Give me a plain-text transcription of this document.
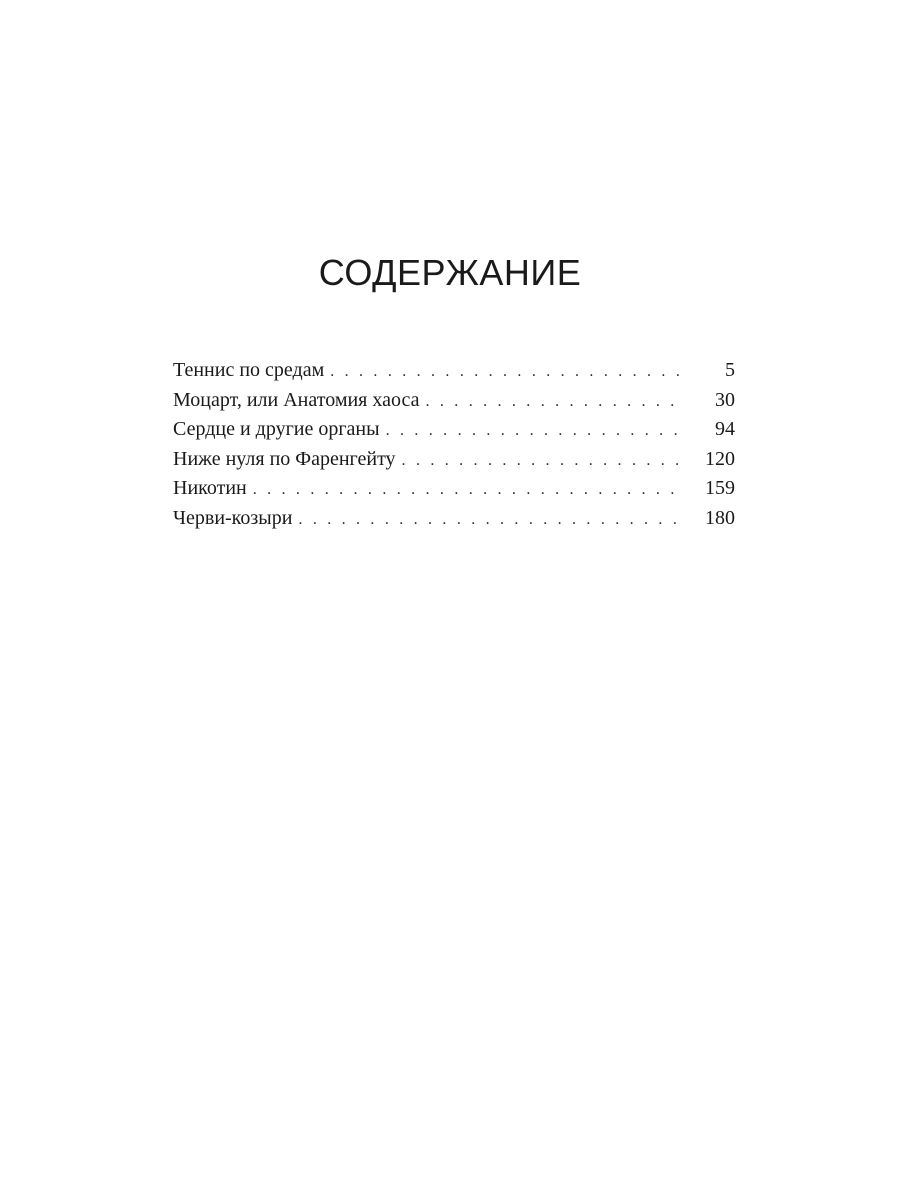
СОДЕРЖАНИЕ
Теннис по средам . . .	5
Моцарт, или Анатомия хаоса . . .	30
Сердце и другие органы . . .	94
Ниже нуля по Фаренгейту . . .	120
Никотин . . .	159
Черви-козыри . . .	180
